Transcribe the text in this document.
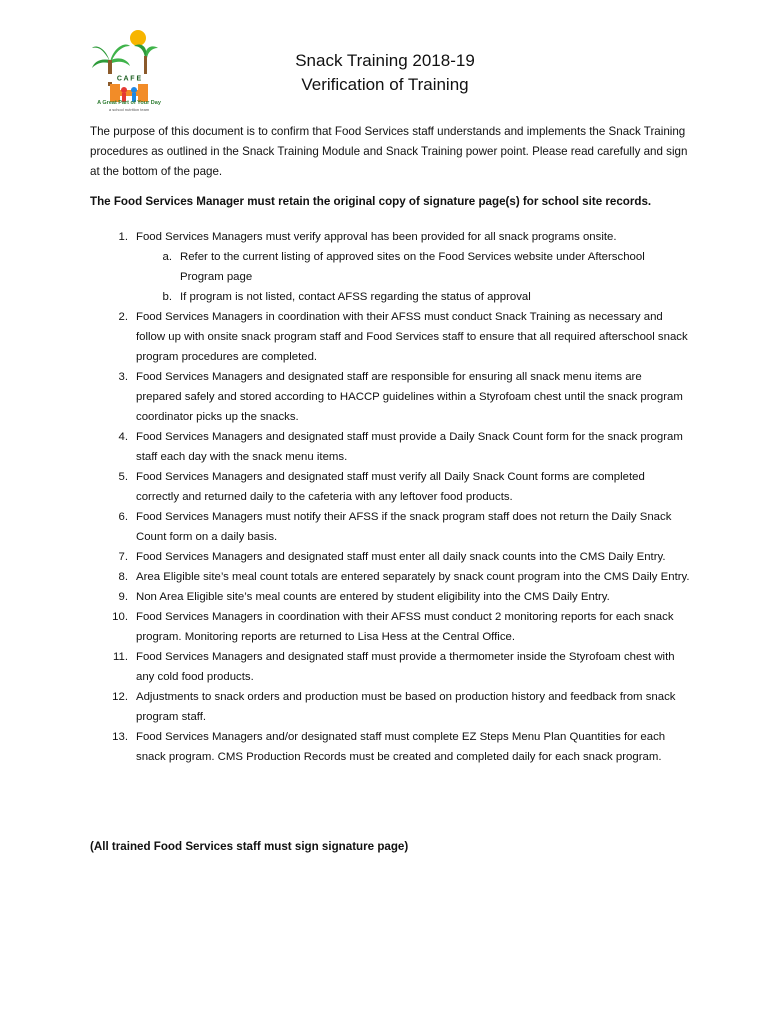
C A F E
A Great Part of Your Day
a school nutrition team
Snack Training 2018-19
Verification of Training
The purpose of this document is to confirm that Food Services staff understands and implements the Snack Training procedures as outlined in the Snack Training Module and Snack Training power point. Please read carefully and sign at the bottom of the page.
The Food Services Manager must retain the original copy of signature page(s) for school site records.
1. Food Services Managers must verify approval has been provided for all snack programs onsite.
a. Refer to the current listing of approved sites on the Food Services website under Afterschool Program page
b. If program is not listed, contact AFSS regarding the status of approval
2. Food Services Managers in coordination with their AFSS must conduct Snack Training as necessary and follow up with onsite snack program staff and Food Services staff to ensure that all required afterschool snack program procedures are completed.
3. Food Services Managers and designated staff are responsible for ensuring all snack menu items are prepared safely and stored according to HACCP guidelines within a Styrofoam chest until the snack program coordinator picks up the snacks.
4. Food Services Managers and designated staff must provide a Daily Snack Count form for the snack program staff each day with the snack menu items.
5. Food Services Managers and designated staff must verify all Daily Snack Count forms are completed correctly and returned daily to the cafeteria with any leftover food products.
6. Food Services Managers must notify their AFSS if the snack program staff does not return the Daily Snack Count form on a daily basis.
7. Food Services Managers and designated staff must enter all daily snack counts into the CMS Daily Entry.
8. Area Eligible site’s meal count totals are entered separately by snack count program into the CMS Daily Entry.
9. Non Area Eligible site’s meal counts are entered by student eligibility into the CMS Daily Entry.
10. Food Services Managers in coordination with their AFSS must conduct 2 monitoring reports for each snack program. Monitoring reports are returned to Lisa Hess at the Central Office.
11. Food Services Managers and designated staff must provide a thermometer inside the Styrofoam chest with any cold food products.
12. Adjustments to snack orders and production must be based on production history and feedback from snack program staff.
13. Food Services Managers and/or designated staff must complete EZ Steps Menu Plan Quantities for each snack program. CMS Production Records must be created and completed daily for each snack program.
(All trained Food Services staff must sign signature page)
